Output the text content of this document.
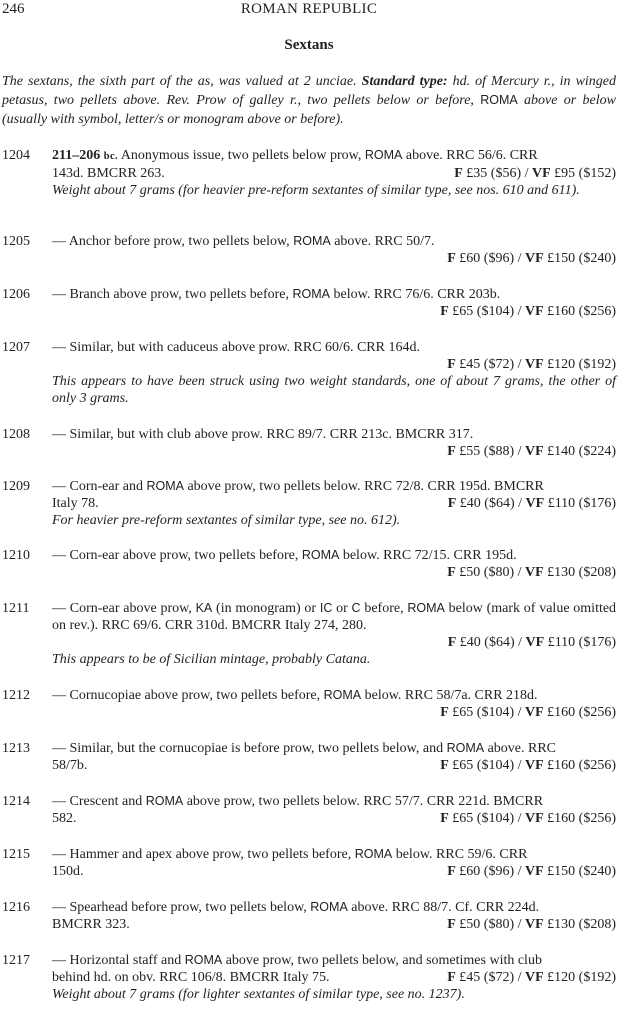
246	ROMAN REPUBLIC
Sextans
The sextans, the sixth part of the as, was valued at 2 unciae. Standard type: hd. of Mercury r., in winged petasus, two pellets above. Rev. Prow of galley r., two pellets below or before, ROMA above or below (usually with symbol, letter/s or monogram above or before).
1204	211–206 bc. Anonymous issue, two pellets below prow, ROMA above. RRC 56/6. CRR
143d. BMCRR 263.	F £35 ($56) / VF £95 ($152)
Weight about 7 grams (for heavier pre-reform sextantes of similar type, see nos. 610 and 611).
1205	— Anchor before prow, two pellets below, ROMA above. RRC 50/7.
F £60 ($96) / VF £150 ($240)
1206	— Branch above prow, two pellets before, ROMA below. RRC 76/6. CRR 203b.
F £65 ($104) / VF £160 ($256)
1207	— Similar, but with caduceus above prow. RRC 60/6. CRR 164d.
F £45 ($72) / VF £120 ($192)
This appears to have been struck using two weight standards, one of about 7 grams, the other of only 3 grams.
1208	— Similar, but with club above prow. RRC 89/7. CRR 213c. BMCRR 317.
F £55 ($88) / VF £140 ($224)
1209	— Corn-ear and ROMA above prow, two pellets below. RRC 72/8. CRR 195d. BMCRR
Italy 78.	F £40 ($64) / VF £110 ($176)
For heavier pre-reform sextantes of similar type, see no. 612).
1210	— Corn-ear above prow, two pellets before, ROMA below. RRC 72/15. CRR 195d.
F £50 ($80) / VF £130 ($208)
1211	— Corn-ear above prow, KA (in monogram) or IC or C before, ROMA below (mark of value omitted on rev.). RRC 69/6. CRR 310d. BMCRR Italy 274, 280.
F £40 ($64) / VF £110 ($176)
This appears to be of Sicilian mintage, probably Catana.
1212	— Cornucopiae above prow, two pellets before, ROMA below. RRC 58/7a. CRR 218d.
F £65 ($104) / VF £160 ($256)
1213	— Similar, but the cornucopiae is before prow, two pellets below, and ROMA above. RRC
58/7b.	F £65 ($104) / VF £160 ($256)
1214	— Crescent and ROMA above prow, two pellets below. RRC 57/7. CRR 221d. BMCRR
582.	F £65 ($104) / VF £160 ($256)
1215	— Hammer and apex above prow, two pellets before, ROMA below. RRC 59/6. CRR
150d.	F £60 ($96) / VF £150 ($240)
1216	— Spearhead before prow, two pellets below, ROMA above. RRC 88/7. Cf. CRR 224d.
BMCRR 323.	F £50 ($80) / VF £130 ($208)
1217	— Horizontal staff and ROMA above prow, two pellets below, and sometimes with club
behind hd. on obv. RRC 106/8. BMCRR Italy 75.	F £45 ($72) / VF £120 ($192)
Weight about 7 grams (for lighter sextantes of similar type, see no. 1237).
